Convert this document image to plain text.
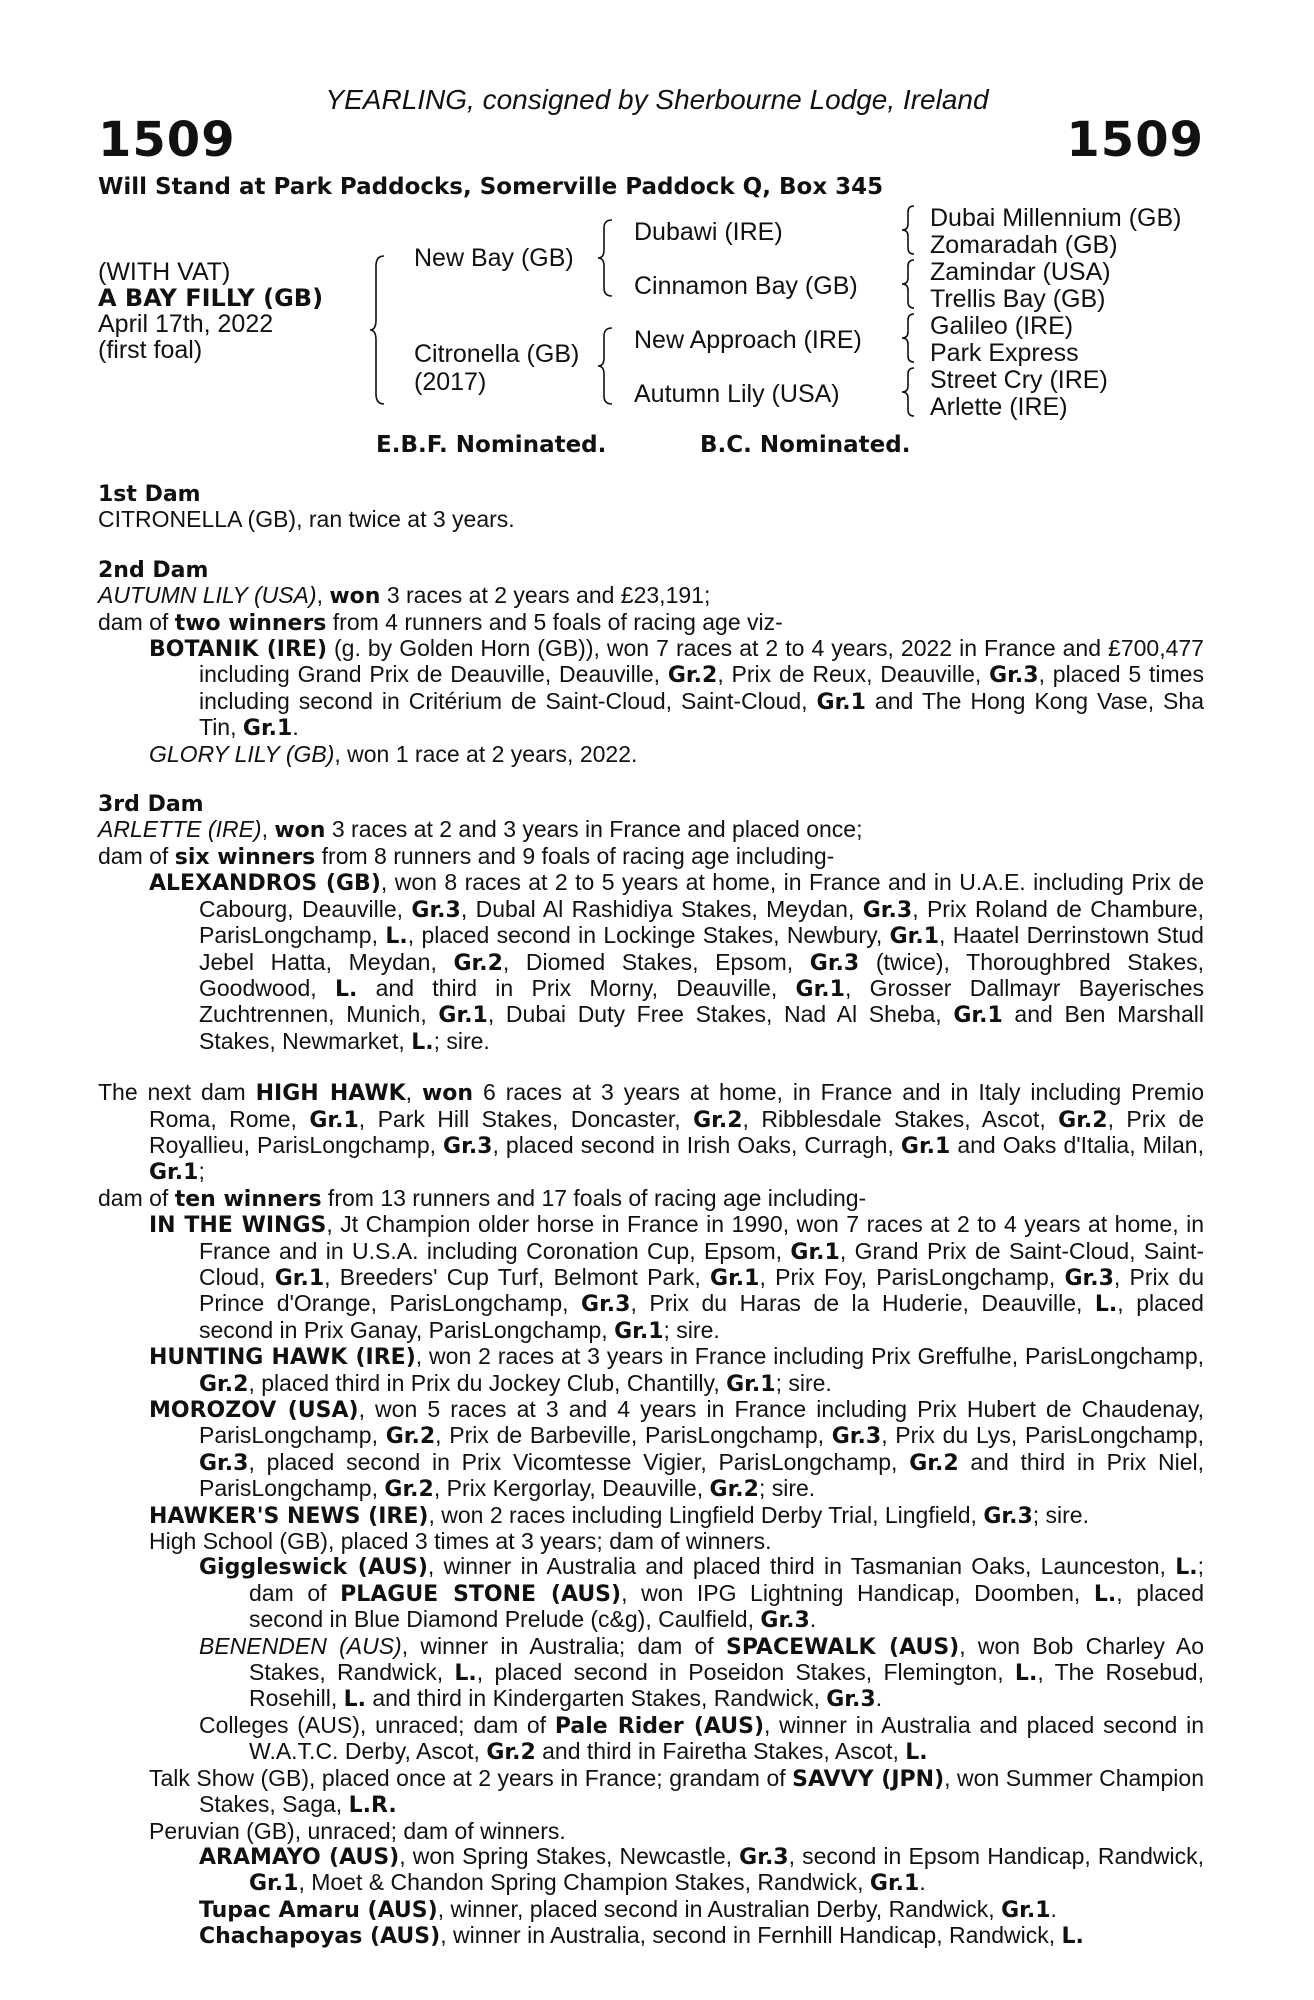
YEARLING, consigned by Sherbourne Lodge, Ireland
1509	1509
Will Stand at Park Paddocks, Somerville Paddock Q, Box 345
(WITH VAT)
A BAY FILLY (GB)
April 17th, 2022
(first foal)
New Bay (GB)
Citronella (GB)
(2017)
Dubawi (IRE)
Cinnamon Bay (GB)
New Approach (IRE)
Autumn Lily (USA)
Dubai Millennium (GB)
Zomaradah (GB)
Zamindar (USA)
Trellis Bay (GB)
Galileo (IRE)
Park Express
Street Cry (IRE)
Arlette (IRE)
E.B.F. Nominated.	B.C. Nominated.
1st Dam
CITRONELLA (GB), ran twice at 3 years.
2nd Dam
AUTUMN LILY (USA), won 3 races at 2 years and £23,191;
dam of two winners from 4 runners and 5 foals of racing age viz-
BOTANIK (IRE) (g. by Golden Horn (GB)), won 7 races at 2 to 4 years, 2022 in France and £700,477 including Grand Prix de Deauville, Deauville, Gr.2, Prix de Reux, Deauville, Gr.3, placed 5 times including second in Critérium de Saint-Cloud, Saint-Cloud, Gr.1 and The Hong Kong Vase, Sha Tin, Gr.1.
GLORY LILY (GB), won 1 race at 2 years, 2022.
3rd Dam
ARLETTE (IRE), won 3 races at 2 and 3 years in France and placed once;
dam of six winners from 8 runners and 9 foals of racing age including-
ALEXANDROS (GB), won 8 races at 2 to 5 years at home, in France and in U.A.E. including Prix de Cabourg, Deauville, Gr.3, Dubal Al Rashidiya Stakes, Meydan, Gr.3, Prix Roland de Chambure, ParisLongchamp, L., placed second in Lockinge Stakes, Newbury, Gr.1, Haatel Derrinstown Stud Jebel Hatta, Meydan, Gr.2, Diomed Stakes, Epsom, Gr.3 (twice), Thoroughbred Stakes, Goodwood, L. and third in Prix Morny, Deauville, Gr.1, Grosser Dallmayr Bayerisches Zuchtrennen, Munich, Gr.1, Dubai Duty Free Stakes, Nad Al Sheba, Gr.1 and Ben Marshall Stakes, Newmarket, L.; sire.
The next dam HIGH HAWK, won 6 races at 3 years at home, in France and in Italy including Premio Roma, Rome, Gr.1, Park Hill Stakes, Doncaster, Gr.2, Ribblesdale Stakes, Ascot, Gr.2, Prix de Royallieu, ParisLongchamp, Gr.3, placed second in Irish Oaks, Curragh, Gr.1 and Oaks d'Italia, Milan, Gr.1;
dam of ten winners from 13 runners and 17 foals of racing age including-
IN THE WINGS, Jt Champion older horse in France in 1990, won 7 races at 2 to 4 years at home, in France and in U.S.A. including Coronation Cup, Epsom, Gr.1, Grand Prix de Saint-Cloud, Saint-Cloud, Gr.1, Breeders' Cup Turf, Belmont Park, Gr.1, Prix Foy, ParisLongchamp, Gr.3, Prix du Prince d'Orange, ParisLongchamp, Gr.3, Prix du Haras de la Huderie, Deauville, L., placed second in Prix Ganay, ParisLongchamp, Gr.1; sire.
HUNTING HAWK (IRE), won 2 races at 3 years in France including Prix Greffulhe, ParisLongchamp, Gr.2, placed third in Prix du Jockey Club, Chantilly, Gr.1; sire.
MOROZOV (USA), won 5 races at 3 and 4 years in France including Prix Hubert de Chaudenay, ParisLongchamp, Gr.2, Prix de Barbeville, ParisLongchamp, Gr.3, Prix du Lys, ParisLongchamp, Gr.3, placed second in Prix Vicomtesse Vigier, ParisLongchamp, Gr.2 and third in Prix Niel, ParisLongchamp, Gr.2, Prix Kergorlay, Deauville, Gr.2; sire.
HAWKER'S NEWS (IRE), won 2 races including Lingfield Derby Trial, Lingfield, Gr.3; sire.
High School (GB), placed 3 times at 3 years; dam of winners.
Giggleswick (AUS), winner in Australia and placed third in Tasmanian Oaks, Launceston, L.; dam of PLAGUE STONE (AUS), won IPG Lightning Handicap, Doomben, L., placed second in Blue Diamond Prelude (c&g), Caulfield, Gr.3.
BENENDEN (AUS), winner in Australia; dam of SPACEWALK (AUS), won Bob Charley Ao Stakes, Randwick, L., placed second in Poseidon Stakes, Flemington, L., The Rosebud, Rosehill, L. and third in Kindergarten Stakes, Randwick, Gr.3.
Colleges (AUS), unraced; dam of Pale Rider (AUS), winner in Australia and placed second in W.A.T.C. Derby, Ascot, Gr.2 and third in Fairetha Stakes, Ascot, L.
Talk Show (GB), placed once at 2 years in France; grandam of SAVVY (JPN), won Summer Champion Stakes, Saga, L.R.
Peruvian (GB), unraced; dam of winners.
ARAMAYO (AUS), won Spring Stakes, Newcastle, Gr.3, second in Epsom Handicap, Randwick, Gr.1, Moet & Chandon Spring Champion Stakes, Randwick, Gr.1.
Tupac Amaru (AUS), winner, placed second in Australian Derby, Randwick, Gr.1.
Chachapoyas (AUS), winner in Australia, second in Fernhill Handicap, Randwick, L.
